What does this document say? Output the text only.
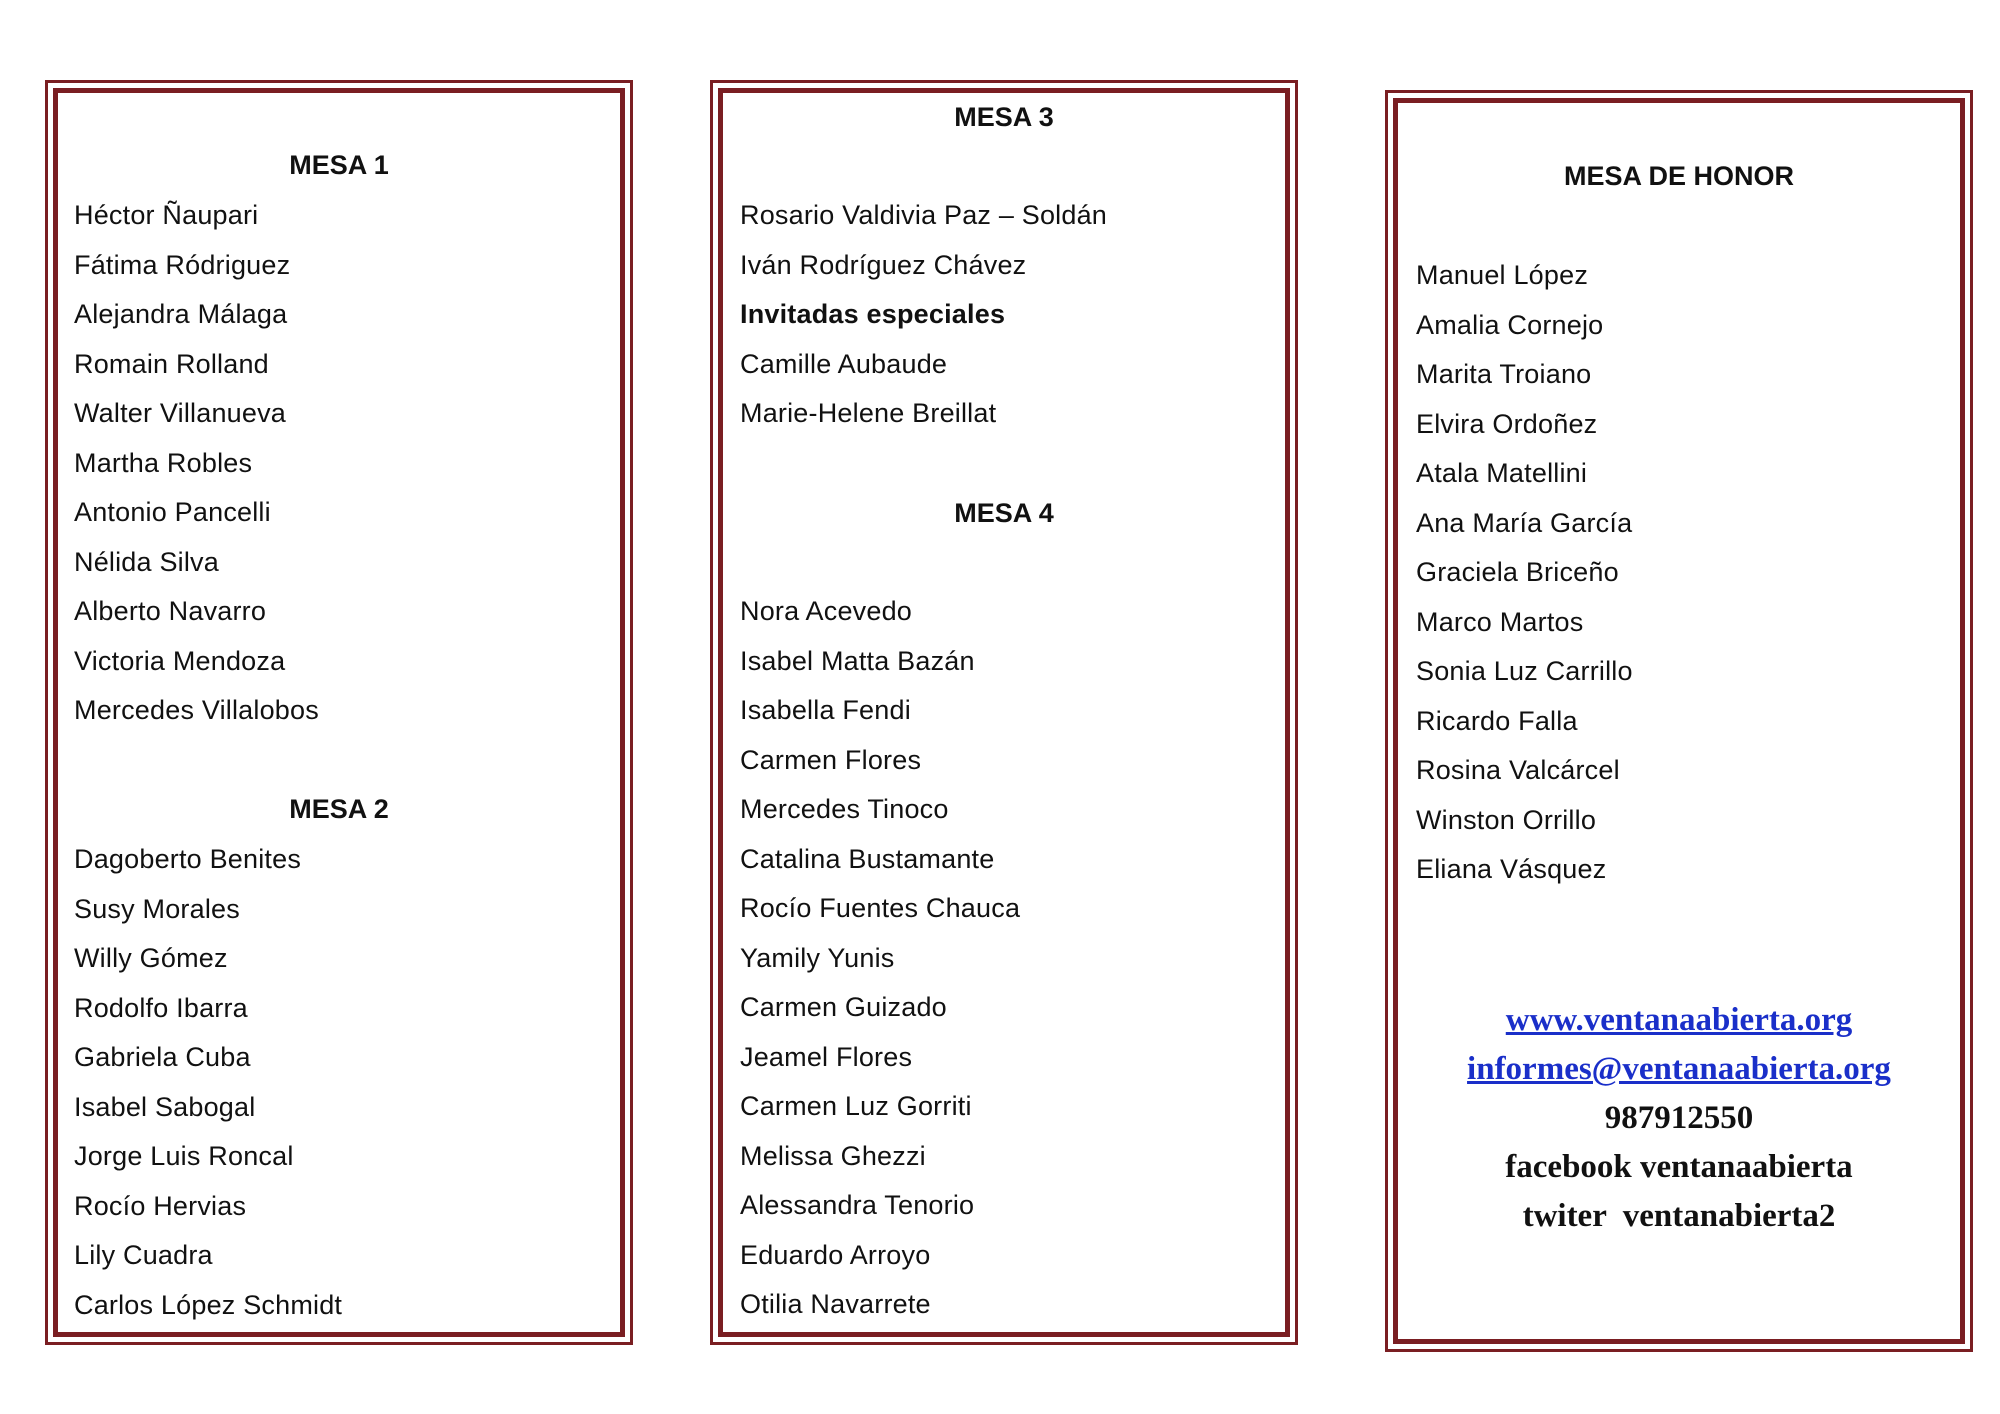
MESA 1
Héctor Ñaupari
Fátima Ródriguez
Alejandra Málaga
Romain Rolland
Walter Villanueva
Martha Robles
Antonio Pancelli
Nélida Silva
Alberto Navarro
Victoria Mendoza
Mercedes Villalobos
MESA 2
Dagoberto Benites
Susy Morales
Willy Gómez
Rodolfo Ibarra
Gabriela Cuba
Isabel Sabogal
Jorge Luis Roncal
Rocío Hervias
Lily Cuadra
Carlos López Schmidt
MESA 3
Rosario Valdivia Paz – Soldán
Iván Rodríguez Chávez
Invitadas especiales
Camille Aubaude
Marie-Helene Breillat
MESA 4
Nora Acevedo
Isabel Matta Bazán
Isabella Fendi
Carmen Flores
Mercedes Tinoco
Catalina Bustamante
Rocío Fuentes Chauca
Yamily Yunis
Carmen Guizado
Jeamel Flores
Carmen Luz Gorriti
Melissa Ghezzi
Alessandra Tenorio
Eduardo Arroyo
Otilia Navarrete
MESA DE HONOR
Manuel López
Amalia Cornejo
Marita Troiano
Elvira Ordoñez
Atala Matellini
Ana María García
Graciela Briceño
Marco Martos
Sonia Luz Carrillo
Ricardo Falla
Rosina Valcárcel
Winston Orrillo
Eliana Vásquez
www.ventanaabierta.org
informes@ventanaabierta.org
987912550
facebook ventanaabierta
twiter  ventanabierta2
